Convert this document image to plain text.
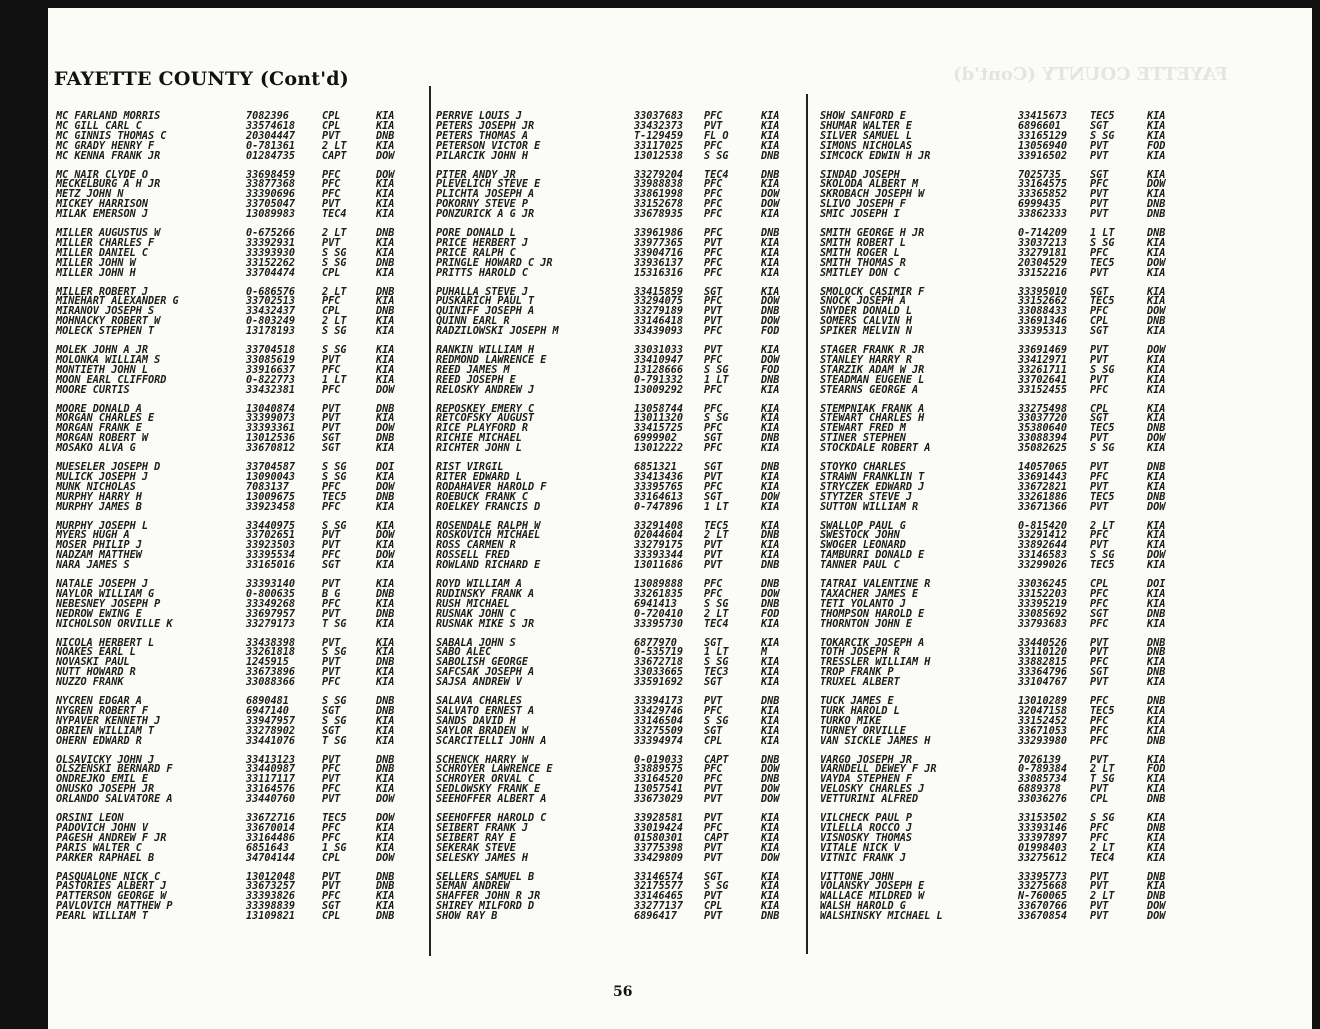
FAYETTE COUNTY (Cont'd)
FAYETTE COUNTY (Cont'd)
MC FARLAND MORRIS	7082396	CPL	KIA
MC GILL CARL C	33574618	CPL	KIA
MC GINNIS THOMAS C	20304447	PVT	DNB
MC GRADY HENRY F	0-781361	2 LT	KIA
MC KENNA FRANK JR	01284735	CAPT	DOW
MC NAIR CLYDE O	33698459	PFC	DOW
MECKELBURG A H JR	33877368	PFC	KIA
METZ JOHN N	33390696	PFC	KIA
MICKEY HARRISON	33705047	PVT	KIA
MILAK EMERSON J	13089983	TEC4	KIA
MILLER AUGUSTUS W	0-675266	2 LT	DNB
MILLER CHARLES F	33392931	PVT	KIA
MILLER DANIEL C	33393930	S SG	KIA
MILLER JOHN W	33152262	S SG	DNB
MILLER JOHN H	33704474	CPL	KIA
MILLER ROBERT J	0-686576	2 LT	DNB
MINEHART ALEXANDER G	33702513	PFC	KIA
MIRANOV JOSEPH S	33432437	CPL	DNB
MOHNACKY ROBERT W	0-803249	2 LT	KIA
MOLECK STEPHEN T	13178193	S SG	KIA
MOLEK JOHN A JR	33704518	S SG	KIA
MOLONKA WILLIAM S	33085619	PVT	KIA
MONTIETH JOHN L	33916637	PFC	KIA
MOON EARL CLIFFORD	0-822773	1 LT	KIA
MOORE CURTIS	33432381	PFC	DOW
MOORE DONALD A	13040874	PVT	DNB
MORGAN CHARLES E	33399073	PVT	KIA
MORGAN FRANK E	33393361	PVT	DOW
MORGAN ROBERT W	13012536	SGT	DNB
MOSAKO ALVA G	33670812	SGT	KIA
MUESELER JOSEPH D	33704587	S SG	DOI
MULICK JOSEPH J	13090043	S SG	KIA
MUNK NICHOLAS	7083137	PFC	DOW
MURPHY HARRY H	13009675	TEC5	DNB
MURPHY JAMES B	33923458	PFC	KIA
MURPHY JOSEPH L	33440975	S SG	KIA
MYERS HUGH A	33702651	PVT	DOW
MOSER PHILIP J	33923503	PVT	KIA
NADZAM MATTHEW	33395534	PFC	DOW
NARA JAMES S	33165016	SGT	KIA
NATALE JOSEPH J	33393140	PVT	KIA
NAYLOR WILLIAM G	0-800635	B G	DNB
NEBESNEY JOSEPH P	33349268	PFC	KIA
NEDROW EWING E	33697957	PVT	DNB
NICHOLSON ORVILLE K	33279173	T SG	KIA
NICOLA HERBERT L	33438398	PVT	KIA
NOAKES EARL L	33261818	S SG	KIA
NOVASKI PAUL	1245915	PVT	DNB
NUTT HOWARD R	33673896	PVT	KIA
NUZZO FRANK	33088366	PFC	KIA
NYCREN EDGAR A	6890481	S SG	DNB
NYGREN ROBERT F	6947140	SGT	DNB
NYPAVER KENNETH J	33947957	S SG	KIA
OBRIEN WILLIAM T	33278902	SGT	KIA
OHERN EDWARD R	33441076	T SG	KIA
OLSAVICKY JOHN J	33413123	PVT	DNB
OLSZENSKI BERNARD F	33440987	PFC	DNB
ONDREJKO EMIL E	33117117	PVT	KIA
ONUSKO JOSEPH JR	33164576	PFC	KIA
ORLANDO SALVATORE A	33440760	PVT	DOW
ORSINI LEON	33672716	TEC5	DOW
PADOVICH JOHN V	33670014	PFC	KIA
PAGESH ANDREW F JR	33164486	PFC	KIA
PARIS WALTER C	6851643	1 SG	KIA
PARKER RAPHAEL B	34704144	CPL	DOW
PASQUALONE NICK C	13012048	PVT	DNB
PASTORIES ALBERT J	33673257	PVT	DNB
PATTERSON GEORGE W	33393826	PFC	KIA
PAVLOVICH MATTHEW P	33398839	SGT	KIA
PEARL WILLIAM T	13109821	CPL	DNB
PERRVE LOUIS J	33037683 PFC	KIA
PETERS JOSEPH JR	33432373 PVT	KIA
PETERS THOMAS A	T-129459 FL O	KIA
PETERSON VICTOR E	33117025 PFC	KIA
PILARCIK JOHN H	13012538 S SG	DNB
PITER ANDY JR	33279204 TEC4	DNB
PLEVELICH STEVE E	33988838 PFC	KIA
PLICHTA JOSEPH A	33861998 PFC	DOW
POKORNY STEVE P	33152678 PFC	DOW
PONZURICK A G JR	33678935 PFC	KIA
PORE DONALD L	33961986 PFC	DNB
PRICE HERBERT J	33977365 PVT	KIA
PRICE RALPH C	33904716 PFC	KIA
PRINGLE HOWARD C JR	33936137 PFC	KIA
PRITTS HAROLD C	15316316 PFC	KIA
PUHALLA STEVE J	33415859 SGT	KIA
PUSKARICH PAUL T	33294075 PFC	DOW
QUINIFF JOSEPH A	33279189 PVT	DNB
QUINN EARL R	33146418 PVT	DOW
RADZILOWSKI JOSEPH M	33439093 PFC	FOD
RANKIN WILLIAM H	33031033 PVT	KIA
REDMOND LAWRENCE E	33410947 PFC	DOW
REED JAMES M	13128666 S SG	FOD
REED JOSEPH E	0-791332 1 LT	DNB
RELOSKY ANDREW J	13009292 PFC	KIA
REPOSKEY EMERY C	13058744 PFC	KIA
RETCOFSKY AUGUST	13011320 S SG	KIA
RICE PLAYFORD R	33415725 PFC	KIA
RICHIE MICHAEL	6999902	SGT	DNB
RICHTER JOHN L	13012222 PFC	KIA
RIST VIRGIL	6851321	SGT	DNB
RITER EDWARD L	33413436 PVT	KIA
RODAHAVER HAROLD F	33395765 PFC	KIA
ROEBUCK FRANK C	33164613 SGT	DOW
ROELKEY FRANCIS D	0-747896 1 LT	KIA
ROSENDALE RALPH W	33291408 TEC5	KIA
ROSKOVICH MICHAEL	02044604 2 LT	DNB
ROSS CARMEN R	33279175 PVT	KIA
ROSSELL FRED	33393344 PVT	KIA
ROWLAND RICHARD E	13011686 PVT	DNB
ROYD WILLIAM A	13089888 PFC	DNB
RUDINSKY FRANK A	33261835 PFC	DOW
RUSH MICHAEL	6941413	S SG	DNB
RUSNAK JOHN C	0-720410 2 LT	FOD
RUSNAK MIKE S JR	33395730 TEC4	KIA
SABALA JOHN S	6877970	SGT	KIA
SABO ALEC	0-535719 1 LT	M
SABOLISH GEORGE	33672718 S SG	KIA
SAFCSAK JOSEPH A	33033665 TEC3	KIA
SAJSA ANDREW V	33591692 SGT	KIA
SALAVA CHARLES	33394173 PVT	DNB
SALVATO ERNEST A	33429746 PFC	KIA
SANDS DAVID H	33146504 S SG	KIA
SAYLOR BRADEN W	33275509 SGT	KIA
SCARCITELLI JOHN A	33394974 CPL	KIA
SCHENCK HARRY W	0-019033 CAPT	DNB
SCHROYER LAWRENCE E	33889575 PFC	DOW
SCHROYER ORVAL C	33164520 PFC	DNB
SEDLOWSKY FRANK E	13057541 PVT	DOW
SEEHOFFER ALBERT A	33673029 PVT	DOW
SEEHOFFER HAROLD C	33928581 PVT	KIA
SEIBERT FRANK J	33019424 PFC	KIA
SEIBERT RAY E	01580301 CAPT	KIA
SEKERAK STEVE	33775398 PVT	KIA
SELESKY JAMES H	33429809 PVT	DOW
SELLERS SAMUEL B	33146574 SGT	KIA
SEMAN ANDREW	32175577 S SG	KIA
SHAFFER JOHN R JR	33146465 PVT	KIA
SHIREY MILFORD D	33277137 CPL	KIA
SHOW RAY B	6896417	PVT	DNB
SHOW SANFORD E	33415673 TEC5	KIA
SHUMAR WALTER E	6896601	SGT	KIA
SILVER SAMUEL L	33165129 S SG	KIA
SIMONS NICHOLAS	13056940 PVT	FOD
SIMCOCK EDWIN H JR	33916502 PVT	KIA
SINDAD JOSEPH	7025735	SGT	KIA
SKOLODA ALBERT M	33164575 PFC	DOW
SKROBACH JOSEPH W	33365852 PVT	KIA
SLIVO JOSEPH F	6999435	PVT	DNB
SMIC JOSEPH I	33862333 PVT	DNB
SMITH GEORGE H JR	0-714209 1 LT	DNB
SMITH ROBERT L	33037213 S SG	KIA
SMITH ROGER L	33279181 PFC	KIA
SMITH THOMAS R	20304529 TEC5	DOW
SMITLEY DON C	33152216 PVT	KIA
SMOLOCK CASIMIR F	33395010 SGT	KIA
SNOCK JOSEPH A	33152662 TEC5	KIA
SNYDER DONALD L	33088433 PFC	DOW
SOMERS CALVIN H	33691346 CPL	DNB
SPIKER MELVIN N	33395313 SGT	KIA
STAGER FRANK R JR	33691469 PVT	DOW
STANLEY HARRY R	33412971 PVT	KIA
STARZIK ADAM W JR	33261711 S SG	KIA
STEADMAN EUGENE L	33702641 PVT	KIA
STEARNS GEORGE A	33152455 PFC	KIA
STEMPNIAK FRANK A	33275498 CPL	KIA
STEWART CHARLES H	33037720 SGT	KIA
STEWART FRED M	35380640 TEC5	DNB
STINER STEPHEN	33088394 PVT	DOW
STOCKDALE ROBERT A	35082625 S SG	KIA
STOYKO CHARLES	14057065 PVT	DNB
STRAWN FRANKLIN T	33691443 PFC	KIA
STRYCZEK EDWARD J	33672821 PVT	KIA
STYTZER STEVE J	33261886 TEC5	DNB
SUTTON WILLIAM R	33671366 PVT	DOW
SWALLOP PAUL G	0-815420 2 LT	KIA
SWESTOCK JOHN	33291412 PFC	KIA
SWOGER LEONARD	33892644 PVT	KIA
TAMBURRI DONALD E	33146583 S SG	DOW
TANNER PAUL C	33299026 TEC5	KIA
TATRAI VALENTINE R	33036245 CPL	DOI
TAXACHER JAMES E	33152203 PFC	KIA
TETI YOLANTO J	33395219 PFC	KIA
THOMPSON HAROLD E	33085692 SGT	DNB
THORNTON JOHN E	33793683 PFC	KIA
TOKARCIK JOSEPH A	33440526 PVT	DNB
TOTH JOSEPH R	33110120 PVT	DNB
TRESSLER WILLIAM H	33882815 PFC	KIA
TROP FRANK P	33364796 SGT	DNB
TRUXEL ALBERT	33104767 PVT	KIA
TUCK JAMES E	13010289 PFC	DNB
TURK HAROLD L	32047158 TEC5	KIA
TURKO MIKE	33152452 PFC	KIA
TURNEY ORVILLE	33671053 PFC	KIA
VAN SICKLE JAMES H	33293980 PFC	DNB
VARGO JOSEPH JR	7026139	PVT	KIA
VARNDELL DEWEY F JR	0-789384 2 LT	FOD
VAYDA STEPHEN F	33085734 T SG	KIA
VELOSKY CHARLES J	6889378	PVT	KIA
VETTURINI ALFRED	33036276 CPL	DNB
VILCHECK PAUL P	33153502 S SG	KIA
VILELLA ROCCO J	33393146 PFC	DNB
VISNOSKY THOMAS	33397897 PFC	KIA
VITALE NICK V	01998403 2 LT	KIA
VITNIC FRANK J	33275612 TEC4	KIA
VITTONE JOHN	33395773 PVT	DNB
VOLANSKY JOSEPH E	33275668 PVT	KIA
WALLACE MILDRED W	N-760065 2 LT	DNB
WALSH HAROLD G	33670766 PVT	DOW
WALSHINSKY MICHAEL L	33670854 PVT	DOW
56
